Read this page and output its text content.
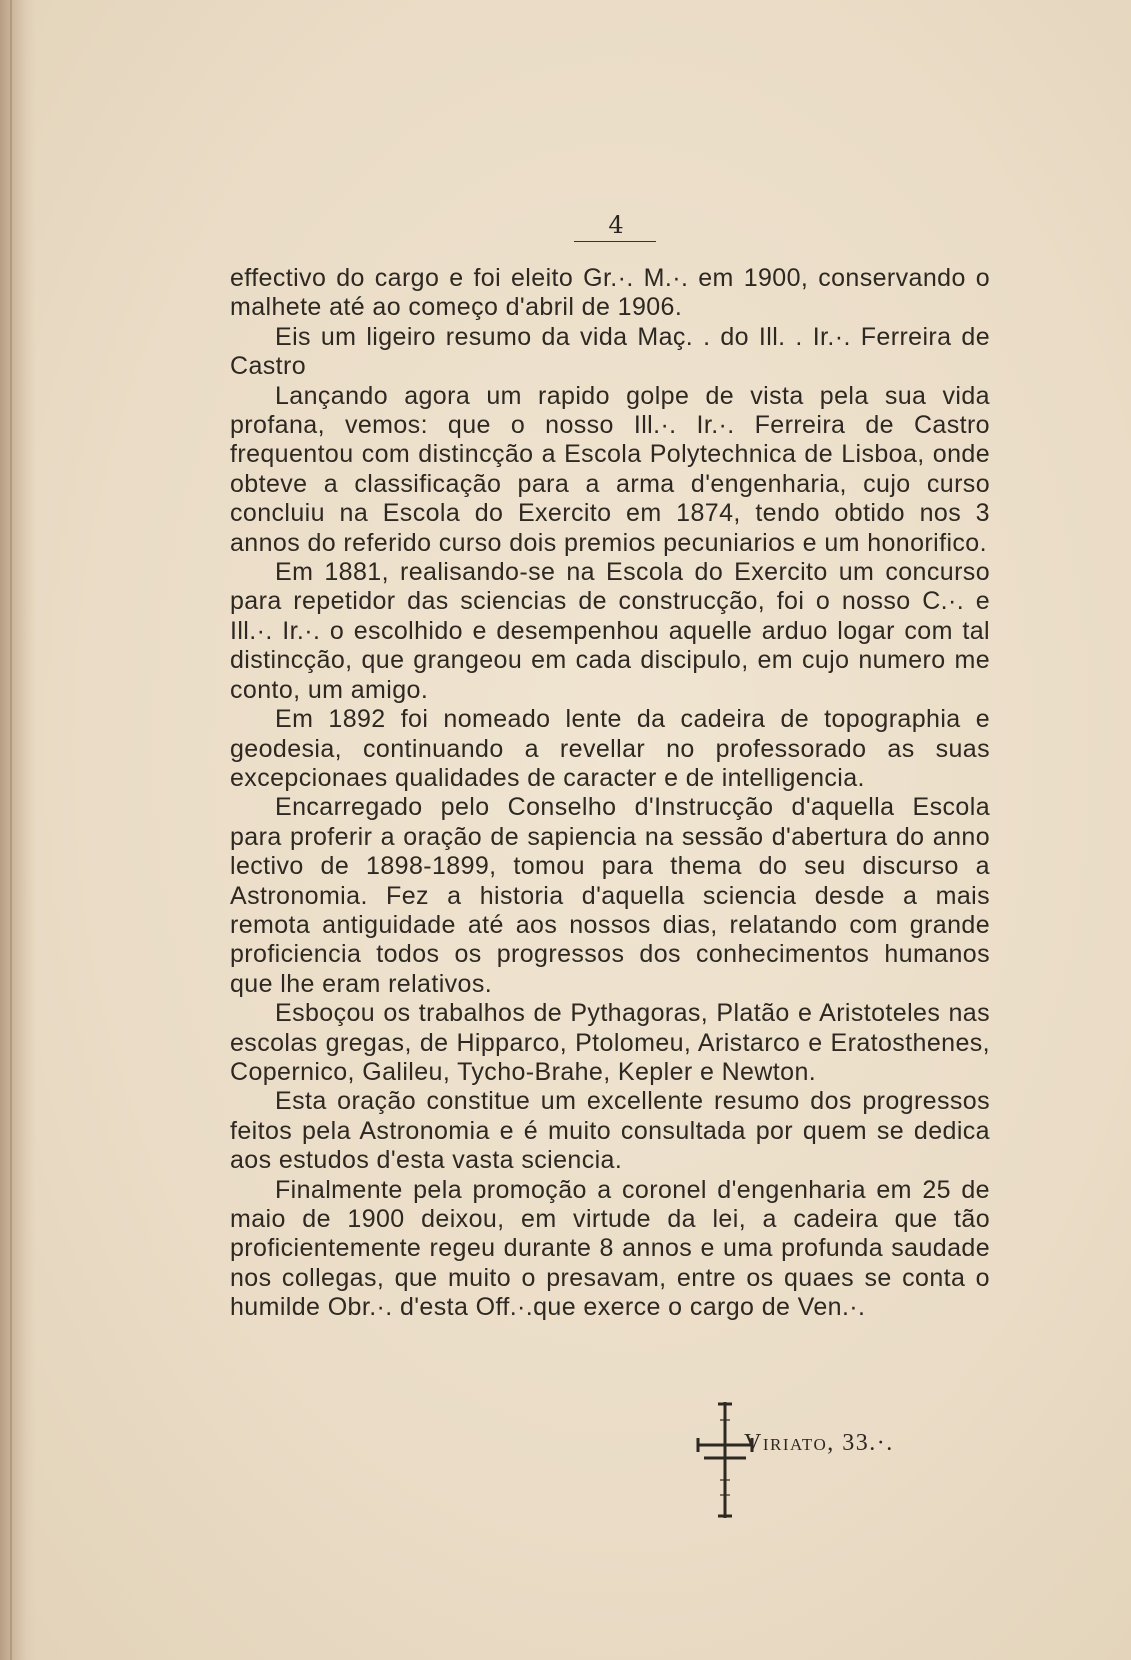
4

effectivo do cargo e foi eleito Gr.·. M.·. em 1900, conservando o malhete até ao começo d'abril de 1906.

Eis um ligeiro resumo da vida Maç. . do Ill. . Ir.·. Ferreira de Castro

Lançando agora um rapido golpe de vista pela sua vida profana, vemos: que o nosso Ill.·. Ir.·. Ferreira de Castro frequentou com distincção a Escola Polytechnica de Lisboa, onde obteve a classificação para a arma d'engenharia, cujo curso concluiu na Escola do Exercito em 1874, tendo obtido nos 3 annos do referido curso dois premios pecuniarios e um honorifico.

Em 1881, realisando-se na Escola do Exercito um concurso para repetidor das sciencias de construcção, foi o nosso C.·. e Ill.·. Ir.·. o escolhido e desempenhou aquelle arduo logar com tal distincção, que grangeou em cada discipulo, em cujo numero me conto, um amigo.

Em 1892 foi nomeado lente da cadeira de topographia e geodesia, continuando a revellar no professorado as suas excepcionaes qualidades de caracter e de intelligencia.

Encarregado pelo Conselho d'Instrucção d'aquella Escola para proferir a oração de sapiencia na sessão d'abertura do anno lectivo de 1898-1899, tomou para thema do seu discurso a Astronomia. Fez a historia d'aquella sciencia desde a mais remota antiguidade até aos nossos dias, relatando com grande proficiencia todos os progressos dos conhecimentos humanos que lhe eram relativos.

Esboçou os trabalhos de Pythagoras, Platão e Aristoteles nas escolas gregas, de Hipparco, Ptolomeu, Aristarco e Eratosthenes, Copernico, Galileu, Tycho-Brahe, Kepler e Newton.

Esta oração constitue um excellente resumo dos progressos feitos pela Astronomia e é muito consultada por quem se dedica aos estudos d'esta vasta sciencia.

Finalmente pela promoção a coronel d'engenharia em 25 de maio de 1900 deixou, em virtude da lei, a cadeira que tão proficientemente regeu durante 8 annos e uma profunda saudade nos collegas, que muito o presavam, entre os quaes se conta o humilde Obr.·. d'esta Off.·.que exerce o cargo de Ven.·.

Viriato, 33.·.
